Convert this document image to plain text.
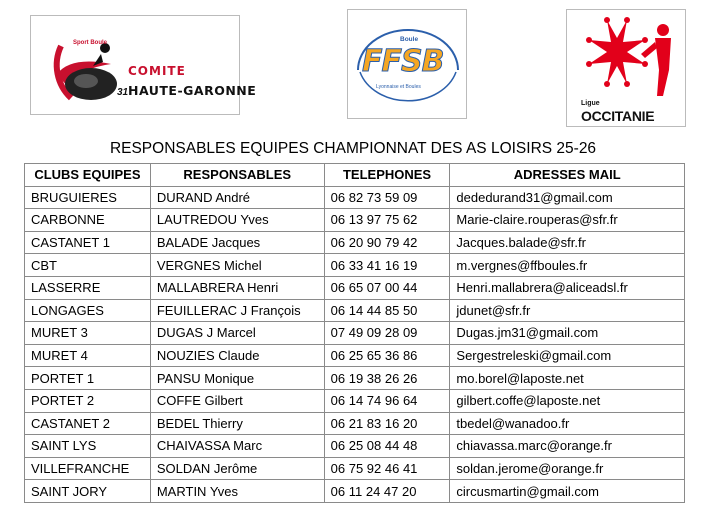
Sport Boule
31
COMITE
HAUTE-GARONNE
Boule
FFSB
Lyonnaise et Boules
Ligue
OCCITANIE
RESPONSABLES EQUIPES CHAMPIONNAT DES AS LOISIRS 25-26
CLUBS EQUIPES	RESPONSABLES	TELEPHONES	ADRESSES MAIL
BRUGUIERES	DURAND André	06 82 73 59 09	dededurand31@gmail.com
CARBONNE	LAUTREDOU Yves	06 13 97 75 62	Marie-claire.rouperas@sfr.fr
CASTANET 1	BALADE Jacques	06 20 90 79 42	Jacques.balade@sfr.fr
CBT	VERGNES Michel	06 33 41 16 19	m.vergnes@ffboules.fr
LASSERRE	MALLABRERA Henri	06 65 07 00 44	Henri.mallabrera@aliceadsl.fr
LONGAGES	FEUILLERAC J François	06 14 44 85 50	jdunet@sfr.fr
MURET 3	DUGAS J Marcel	07 49 09 28 09	Dugas.jm31@gmail.com
MURET 4	NOUZIES Claude	06 25 65 36 86	Sergestreleski@gmail.com
PORTET 1	PANSU Monique	06 19 38 26 26	mo.borel@laposte.net
PORTET 2	COFFE Gilbert	06 14 74 96 64	gilbert.coffe@laposte.net
CASTANET 2	BEDEL Thierry	06 21 83 16 20	tbedel@wanadoo.fr
SAINT LYS	CHAIVASSA Marc	06 25 08 44 48	chiavassa.marc@orange.fr
VILLEFRANCHE	SOLDAN Jerôme	06 75 92 46 41	soldan.jerome@orange.fr
SAINT JORY	MARTIN Yves	06 11 24 47 20	circusmartin@gmail.com
